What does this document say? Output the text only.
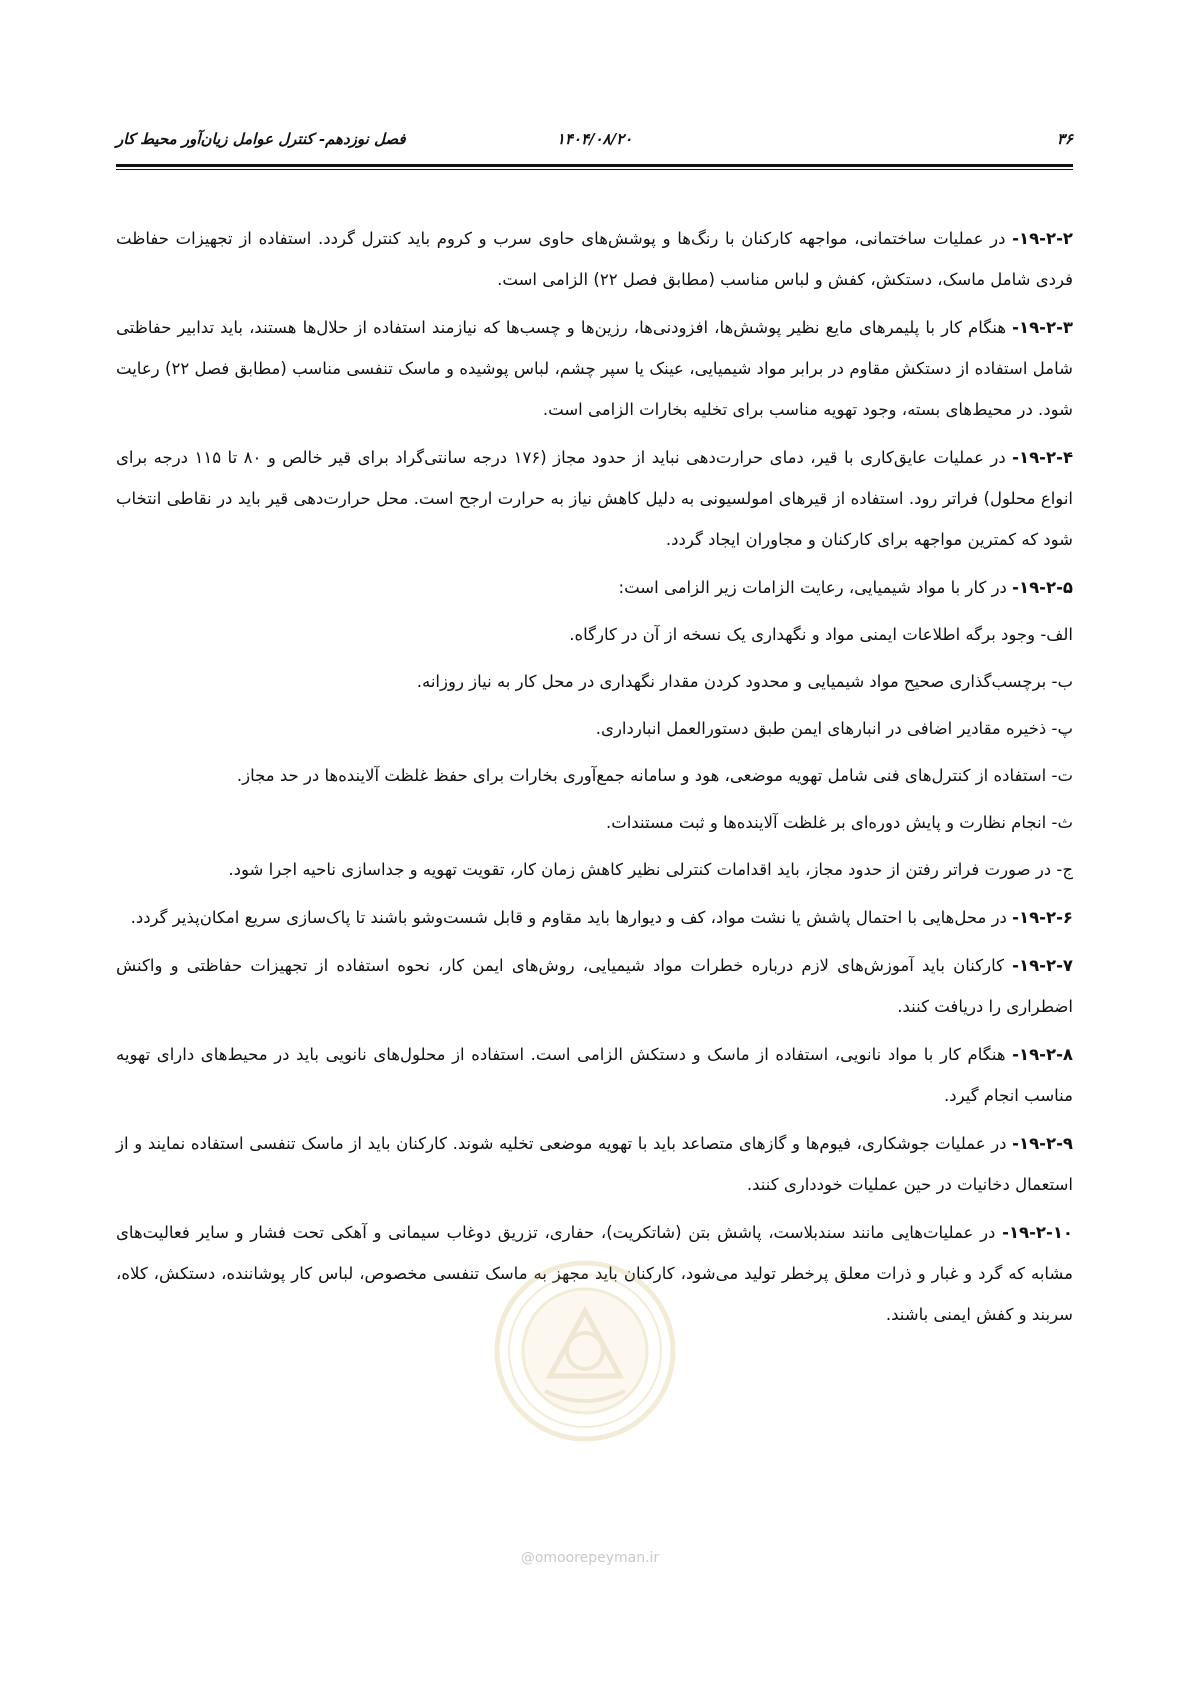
۳۶
۱۴۰۴/۰۸/۲۰
فصل نوزدهم- کنترل عوامل زیان‌آور محیط کار

۱۹-۲-۲- در عملیات ساختمانی، مواجهه کارکنان با رنگ‌ها و پوشش‌های حاوی سرب و کروم باید کنترل گردد. استفاده از تجهیزات حفاظت فردی شامل ماسک، دستکش، کفش و لباس مناسب (مطابق فصل ۲۲) الزامی است.

۱۹-۲-۳- هنگام کار با پلیمرهای مایع نظیر پوشش‌ها، افزودنی‌ها، رزین‌ها و چسب‌ها که نیازمند استفاده از حلال‌ها هستند، باید تدابیر حفاظتی شامل استفاده از دستکش مقاوم در برابر مواد شیمیایی، عینک یا سپر چشم، لباس پوشیده و ماسک تنفسی مناسب (مطابق فصل ۲۲) رعایت شود. در محیط‌های بسته، وجود تهویه مناسب برای تخلیه بخارات الزامی است.

۱۹-۲-۴- در عملیات عایق‌کاری با قیر، دمای حرارت‌دهی نباید از حدود مجاز (۱۷۶ درجه سانتی‌گراد برای قیر خالص و ۸۰ تا ۱۱۵ درجه برای انواع محلول) فراتر رود. استفاده از قیرهای امولسیونی به دلیل کاهش نیاز به حرارت ارجح است. محل حرارت‌دهی قیر باید در نقاطی انتخاب شود که کمترین مواجهه برای کارکنان و مجاوران ایجاد گردد.

۱۹-۲-۵- در کار با مواد شیمیایی، رعایت الزامات زیر الزامی است:

الف- وجود برگه اطلاعات ایمنی مواد و نگهداری یک نسخه از آن در کارگاه.

ب- برچسب‌گذاری صحیح مواد شیمیایی و محدود کردن مقدار نگهداری در محل کار به نیاز روزانه.

پ- ذخیره مقادیر اضافی در انبارهای ایمن طبق دستورالعمل انبارداری.

ت- استفاده از کنترل‌های فنی شامل تهویه موضعی، هود و سامانه جمع‌آوری بخارات برای حفظ غلظت آلاینده‌ها در حد مجاز.

ث- انجام نظارت و پایش دوره‌ای بر غلظت آلاینده‌ها و ثبت مستندات.

ج- در صورت فراتر رفتن از حدود مجاز، باید اقدامات کنترلی نظیر کاهش زمان کار، تقویت تهویه و جداسازی ناحیه اجرا شود.

۱۹-۲-۶- در محل‌هایی با احتمال پاشش یا نشت مواد، کف و دیوارها باید مقاوم و قابل شست‌وشو باشند تا پاک‌سازی سریع امکان‌پذیر گردد.

۱۹-۲-۷- کارکنان باید آموزش‌های لازم درباره خطرات مواد شیمیایی، روش‌های ایمن کار، نحوه استفاده از تجهیزات حفاظتی و واکنش اضطراری را دریافت کنند.

۱۹-۲-۸- هنگام کار با مواد نانویی، استفاده از ماسک و دستکش الزامی است. استفاده از محلول‌های نانویی باید در محیط‌های دارای تهویه مناسب انجام گیرد.

۱۹-۲-۹- در عملیات جوشکاری، فیوم‌ها و گازهای متصاعد باید با تهویه موضعی تخلیه شوند. کارکنان باید از ماسک تنفسی استفاده نمایند و از استعمال دخانیات در حین عملیات خودداری کنند.

۱۹-۲-۱۰- در عملیات‌هایی مانند سندبلاست، پاشش بتن (شاتکریت)، حفاری، تزریق دوغاب سیمانی و آهکی تحت فشار و سایر فعالیت‌های مشابه که گرد و غبار و ذرات معلق پرخطر تولید می‌شود، کارکنان باید مجهز به ماسک تنفسی مخصوص، لباس کار پوشاننده، دستکش، کلاه، سربند و کفش ایمنی باشند.

@omoorepeyman.ir
